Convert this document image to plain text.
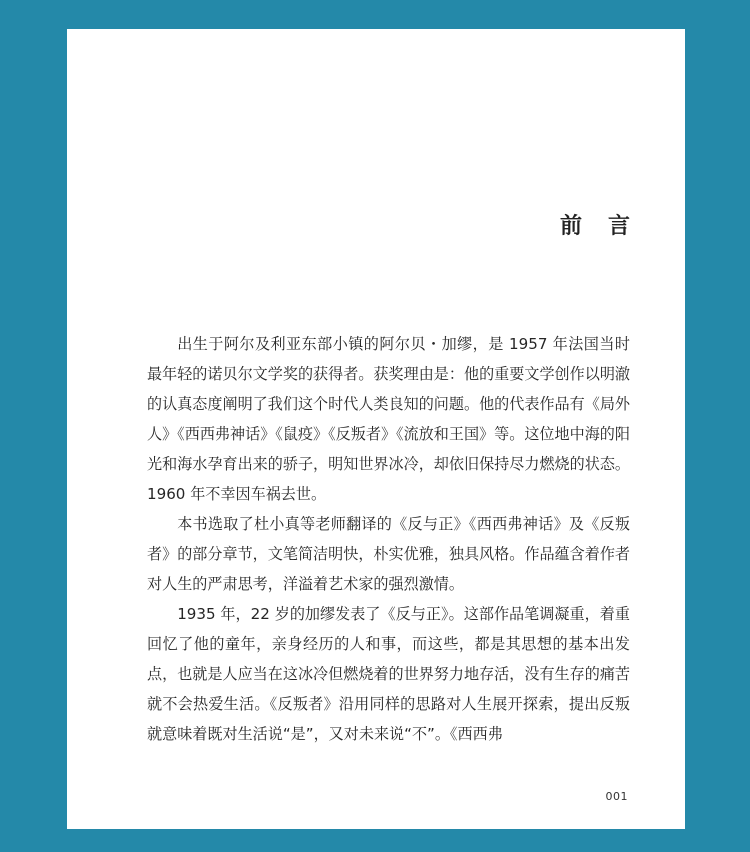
前言

出生于阿尔及利亚东部小镇的阿尔贝・加缪，是 1957 年法国当时最年轻的诺贝尔文学奖的获得者。获奖理由是：他的重要文学创作以明澈的认真态度阐明了我们这个时代人类良知的问题。他的代表作品有《局外人》《西西弗神话》《鼠疫》《反叛者》《流放和王国》等。这位地中海的阳光和海水孕育出来的骄子，明知世界冰冷，却依旧保持尽力燃烧的状态。1960 年不幸因车祸去世。

本书选取了杜小真等老师翻译的《反与正》《西西弗神话》及《反叛者》的部分章节，文笔简洁明快，朴实优雅，独具风格。作品蕴含着作者对人生的严肃思考，洋溢着艺术家的强烈激情。

1935 年，22 岁的加缪发表了《反与正》。这部作品笔调凝重，着重回忆了他的童年，亲身经历的人和事，而这些，都是其思想的基本出发点，也就是人应当在这冰冷但燃烧着的世界努力地存活，没有生存的痛苦就不会热爱生活。《反叛者》沿用同样的思路对人生展开探索，提出反叛就意味着既对生活说“是”，又对未来说“不”。《西西弗

001
